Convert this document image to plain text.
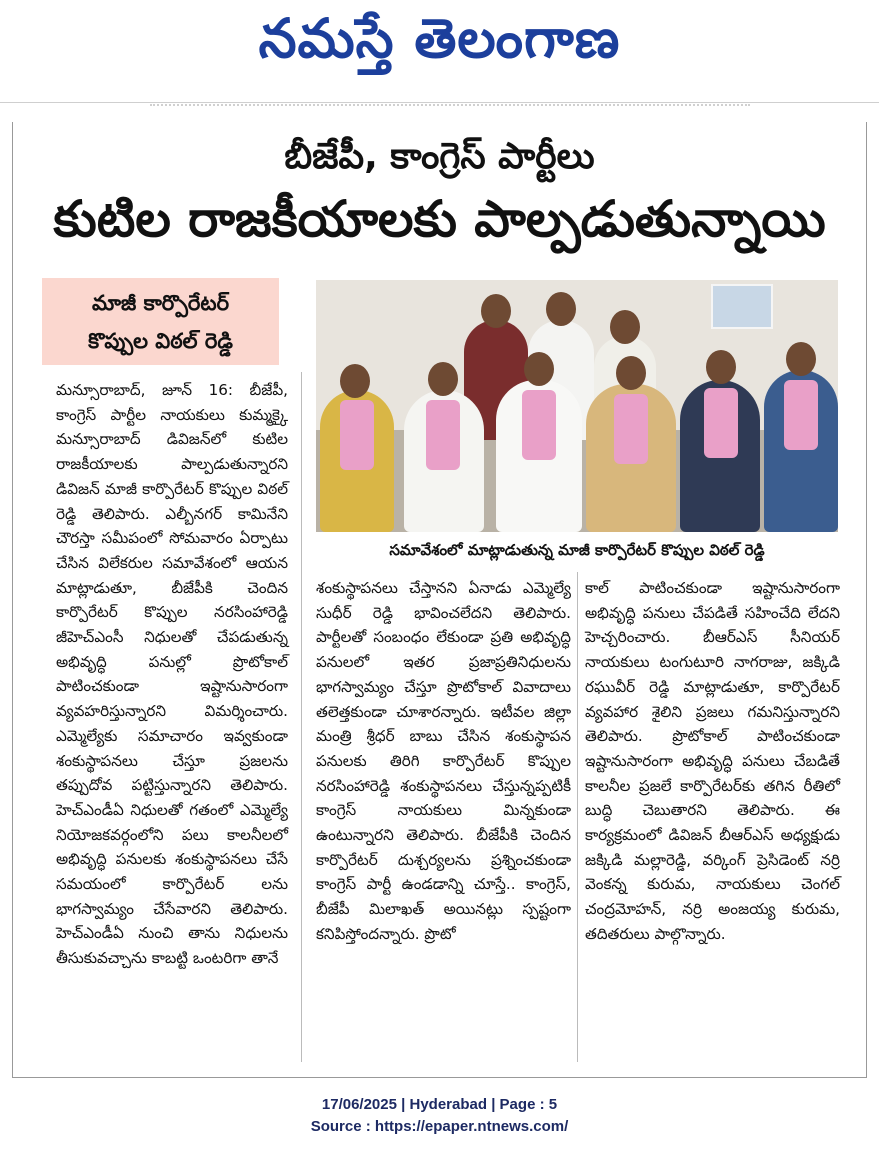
నమస్తే తెలంగాణ
బీజేపీ, కాంగ్రెస్ పార్టీలు
కుటిల రాజకీయాలకు పాల్పడుతున్నాయి
మాజీ కార్పొరేటర్
కొప్పుల విఠల్ రెడ్డి
సమావేశంలో మాట్లాడుతున్న మాజీ కార్పొరేటర్ కొప్పుల విఠల్ రెడ్డి

మన్సూరాబాద్, జూన్ 16: బీజేపీ, కాంగ్రెస్ పార్టీల నాయకులు కుమ్మక్కై మన్సూరాబాద్ డివిజన్‌లో కుటిల రాజకీయాలకు పాల్పడుతున్నారని డివిజన్ మాజీ కార్పొరేటర్ కొప్పుల విఠల్ రెడ్డి తెలిపారు. ఎల్బీనగర్ కామినేని చౌరస్తా సమీపంలో సోమవారం ఏర్పాటు చేసిన విలేకరుల సమావేశంలో ఆయన మాట్లాడుతూ, బీజేపీకి చెందిన కార్పొరేటర్ కొప్పుల నరసింహారెడ్డి జీహెచ్‌ఎంసీ నిధులతో చేపడుతున్న అభివృద్ధి పనుల్లో ప్రొటోకాల్ పాటించకుండా ఇష్టానుసారంగా వ్యవహరిస్తున్నారని విమర్శించారు. ఎమ్మెల్యేకు సమాచారం ఇవ్వకుండా శంకుస్థాపనలు చేస్తూ ప్రజలను తప్పుదోవ పట్టిస్తున్నారని తెలిపారు. హెచ్‌ఎండీఏ నిధులతో గతంలో ఎమ్మెల్యే నియోజకవర్గంలోని పలు కాలనీలలో అభివృద్ధి పనులకు శంకుస్థాపనలు చేసే సమయంలో కార్పొరేటర్ లను భాగస్వామ్యం చేసేవారని తెలిపారు. హెచ్‌ఎండీఏ నుంచి తాను నిధులను తీసుకువచ్చాను కాబట్టి ఒంటరిగా తానే

శంకుస్థాపనలు చేస్తానని ఏనాడు ఎమ్మెల్యే సుధీర్ రెడ్డి భావించలేదని తెలిపారు. పార్టీలతో సంబంధం లేకుండా ప్రతి అభివృద్ధి పనులలో ఇతర ప్రజాప్రతినిధులను భాగస్వామ్యం చేస్తూ ప్రొటోకాల్ వివాదాలు తలెత్తకుండా చూశారన్నారు. ఇటీవల జిల్లా మంత్రి శ్రీధర్ బాబు చేసిన శంకుస్థాపన పనులకు తిరిగి కార్పొరేటర్ కొప్పుల నరసింహారెడ్డి శంకుస్థాపనలు చేస్తున్నప్పటికీ కాంగ్రెస్ నాయకులు మిన్నకుండా ఉంటున్నారని తెలిపారు. బీజేపీకి చెందిన కార్పొరేటర్ దుశ్చర్యలను ప్రశ్నించకుండా కాంగ్రెస్ పార్టీ ఉండడాన్ని చూస్తే.. కాంగ్రెస్, బీజేపీ మిలాఖత్ అయినట్లు స్పష్టంగా కనిపిస్తోందన్నారు. ప్రొటో

కాల్ పాటించకుండా ఇష్టానుసారంగా అభివృద్ధి పనులు చేపడితే సహించేది లేదని హెచ్చరించారు. బీఆర్ఎస్ సీనియర్ నాయకులు టంగుటూరి నాగరాజు, జక్కిడి రఘువీర్ రెడ్డి మాట్లాడుతూ, కార్పొరేటర్ వ్యవహార శైలిని ప్రజలు గమనిస్తున్నారని తెలిపారు. ప్రొటోకాల్ పాటించకుండా ఇష్టానుసారంగా అభివృద్ధి పనులు చేబడితే కాలనీల ప్రజలే కార్పొరేటర్‌కు తగిన రీతిలో బుద్ధి చెబుతారని తెలిపారు. ఈ కార్యక్రమంలో డివిజన్ బీఆర్ఎస్ అధ్యక్షుడు జక్కిడి మల్లారెడ్డి, వర్కింగ్ ప్రెసిడెంట్ నర్రి వెంకన్న కురుమ, నాయకులు చెంగల్ చంద్రమోహన్, నర్రి అంజయ్య కురుమ, తదితరులు పాల్గొన్నారు.

17/06/2025 | Hyderabad | Page : 5
Source : https://epaper.ntnews.com/
